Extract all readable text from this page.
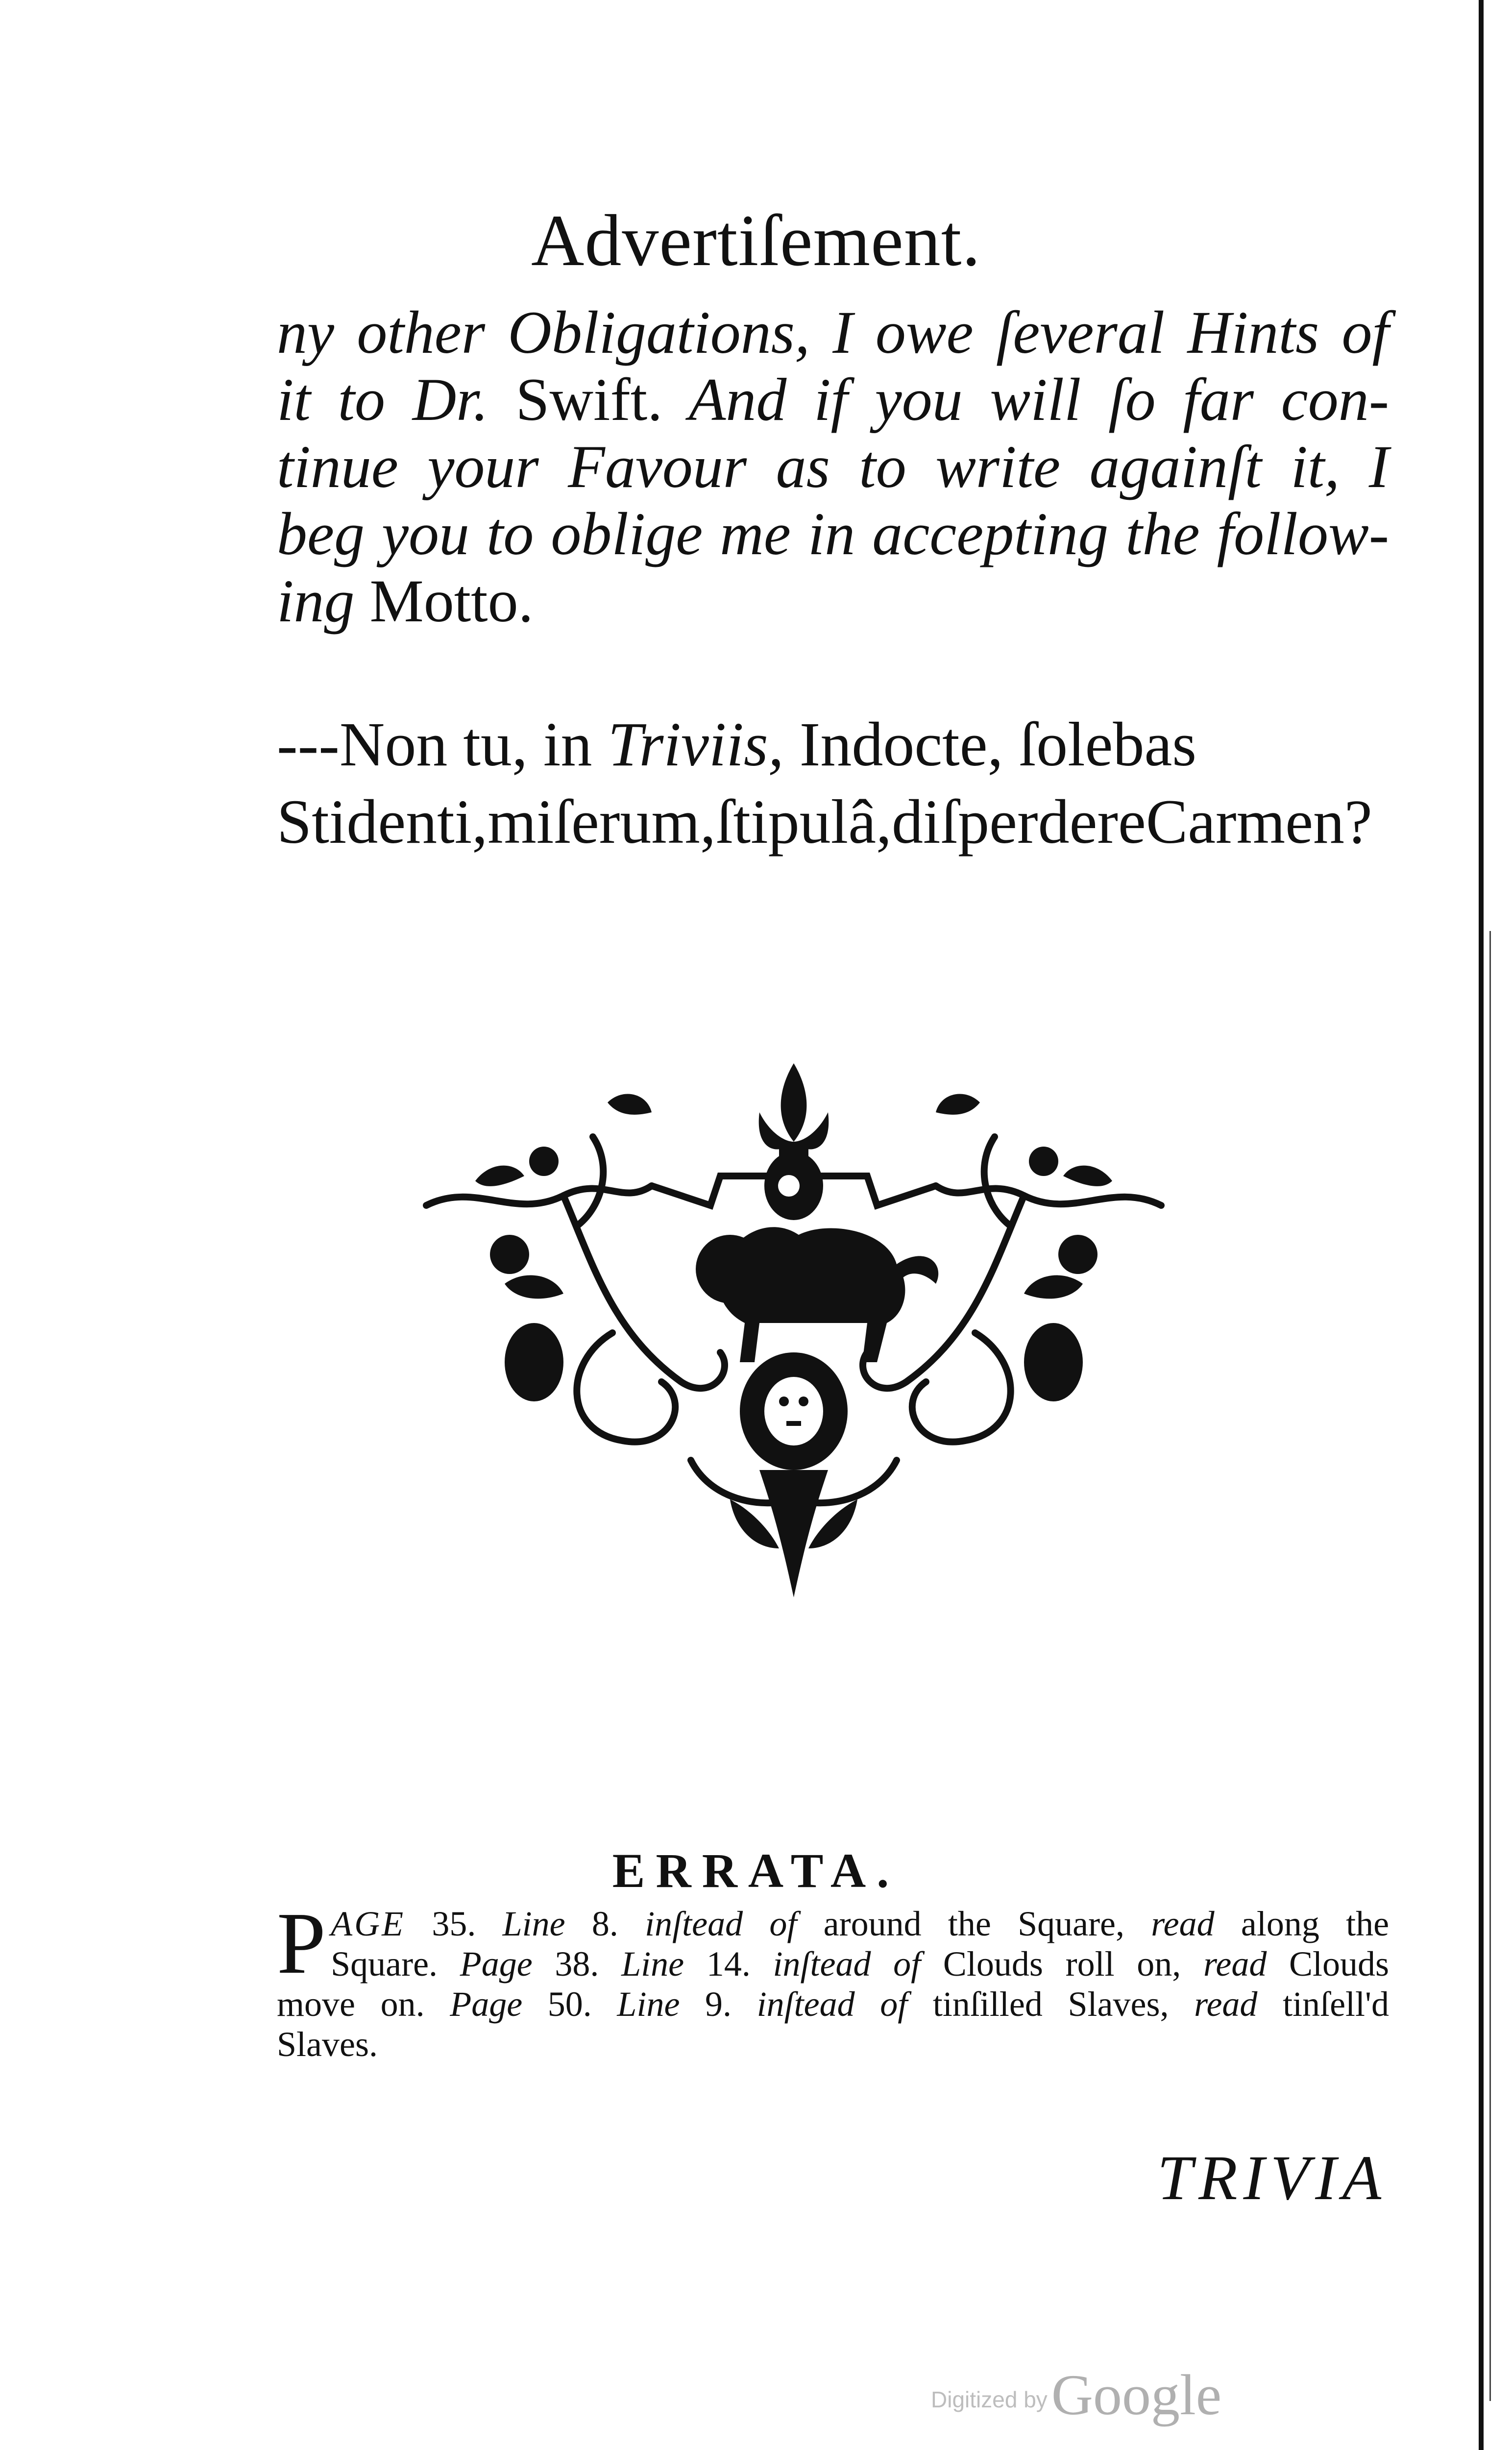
Advertiſement.
ny other Obligations, I owe ſeveral Hints of
it to Dr. Swift. And if you will ſo far con-
tinue your Favour as to write againſt it, I
beg you to oblige me in accepting the follow-
ing Motto.
---Non tu, in Triviis, Indocte, ſolebas
Stidenti,miſerum,ſtipulâ,diſperdereCarmen?
ERRATA.
P AGE 35. Line 8. inſtead of around the Square, read along the
Square. Page 38. Line 14. inſtead of Clouds roll on, read Clouds
move on. Page 50. Line 9. inſtead of tinſilled Slaves, read tinſell'd
Slaves.
TRIVIA
Digitized byGoogle
